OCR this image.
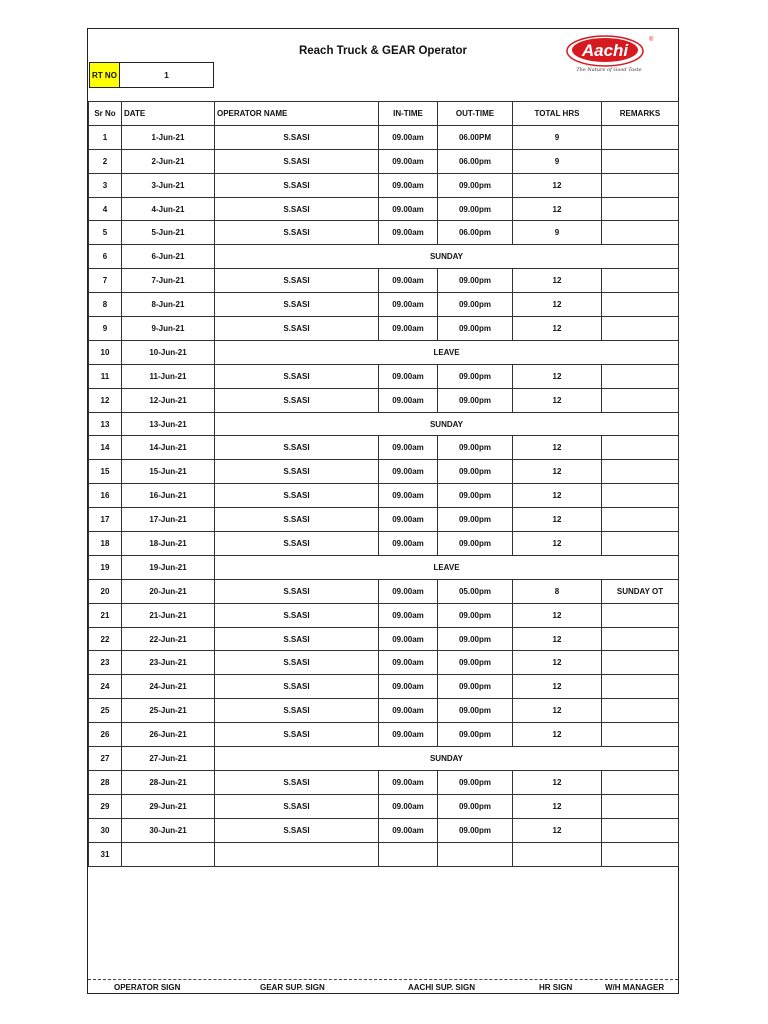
Reach Truck & GEAR Operator
RT NO	1
Aachi
®
The Nature of Good Taste
Sr No	DATE	OPERATOR NAME	IN-TIME	OUT-TIME	TOTAL HRS	REMARKS
1	1-Jun-21	S.SASI	09.00am	06.00PM	9	
2	2-Jun-21	S.SASI	09.00am	06.00pm	9	
3	3-Jun-21	S.SASI	09.00am	09.00pm	12	
4	4-Jun-21	S.SASI	09.00am	09.00pm	12	
5	5-Jun-21	S.SASI	09.00am	06.00pm	9	
6	6-Jun-21	SUNDAY				
7	7-Jun-21	S.SASI	09.00am	09.00pm	12	
8	8-Jun-21	S.SASI	09.00am	09.00pm	12	
9	9-Jun-21	S.SASI	09.00am	09.00pm	12	
10	10-Jun-21	LEAVE				
11	11-Jun-21	S.SASI	09.00am	09.00pm	12	
12	12-Jun-21	S.SASI	09.00am	09.00pm	12	
13	13-Jun-21	SUNDAY				
14	14-Jun-21	S.SASI	09.00am	09.00pm	12	
15	15-Jun-21	S.SASI	09.00am	09.00pm	12	
16	16-Jun-21	S.SASI	09.00am	09.00pm	12	
17	17-Jun-21	S.SASI	09.00am	09.00pm	12	
18	18-Jun-21	S.SASI	09.00am	09.00pm	12	
19	19-Jun-21	LEAVE				
20	20-Jun-21	S.SASI	09.00am	05.00pm	8	SUNDAY OT
21	21-Jun-21	S.SASI	09.00am	09.00pm	12	
22	22-Jun-21	S.SASI	09.00am	09.00pm	12	
23	23-Jun-21	S.SASI	09.00am	09.00pm	12	
24	24-Jun-21	S.SASI	09.00am	09.00pm	12	
25	25-Jun-21	S.SASI	09.00am	09.00pm	12	
26	26-Jun-21	S.SASI	09.00am	09.00pm	12	
27	27-Jun-21	SUNDAY				
28	28-Jun-21	S.SASI	09.00am	09.00pm	12	
29	29-Jun-21	S.SASI	09.00am	09.00pm	12	
30	30-Jun-21	S.SASI	09.00am	09.00pm	12	
31						
OPERATOR SIGN	GEAR SUP. SIGN	AACHI SUP. SIGN	HR SIGN	W/H MANAGER
